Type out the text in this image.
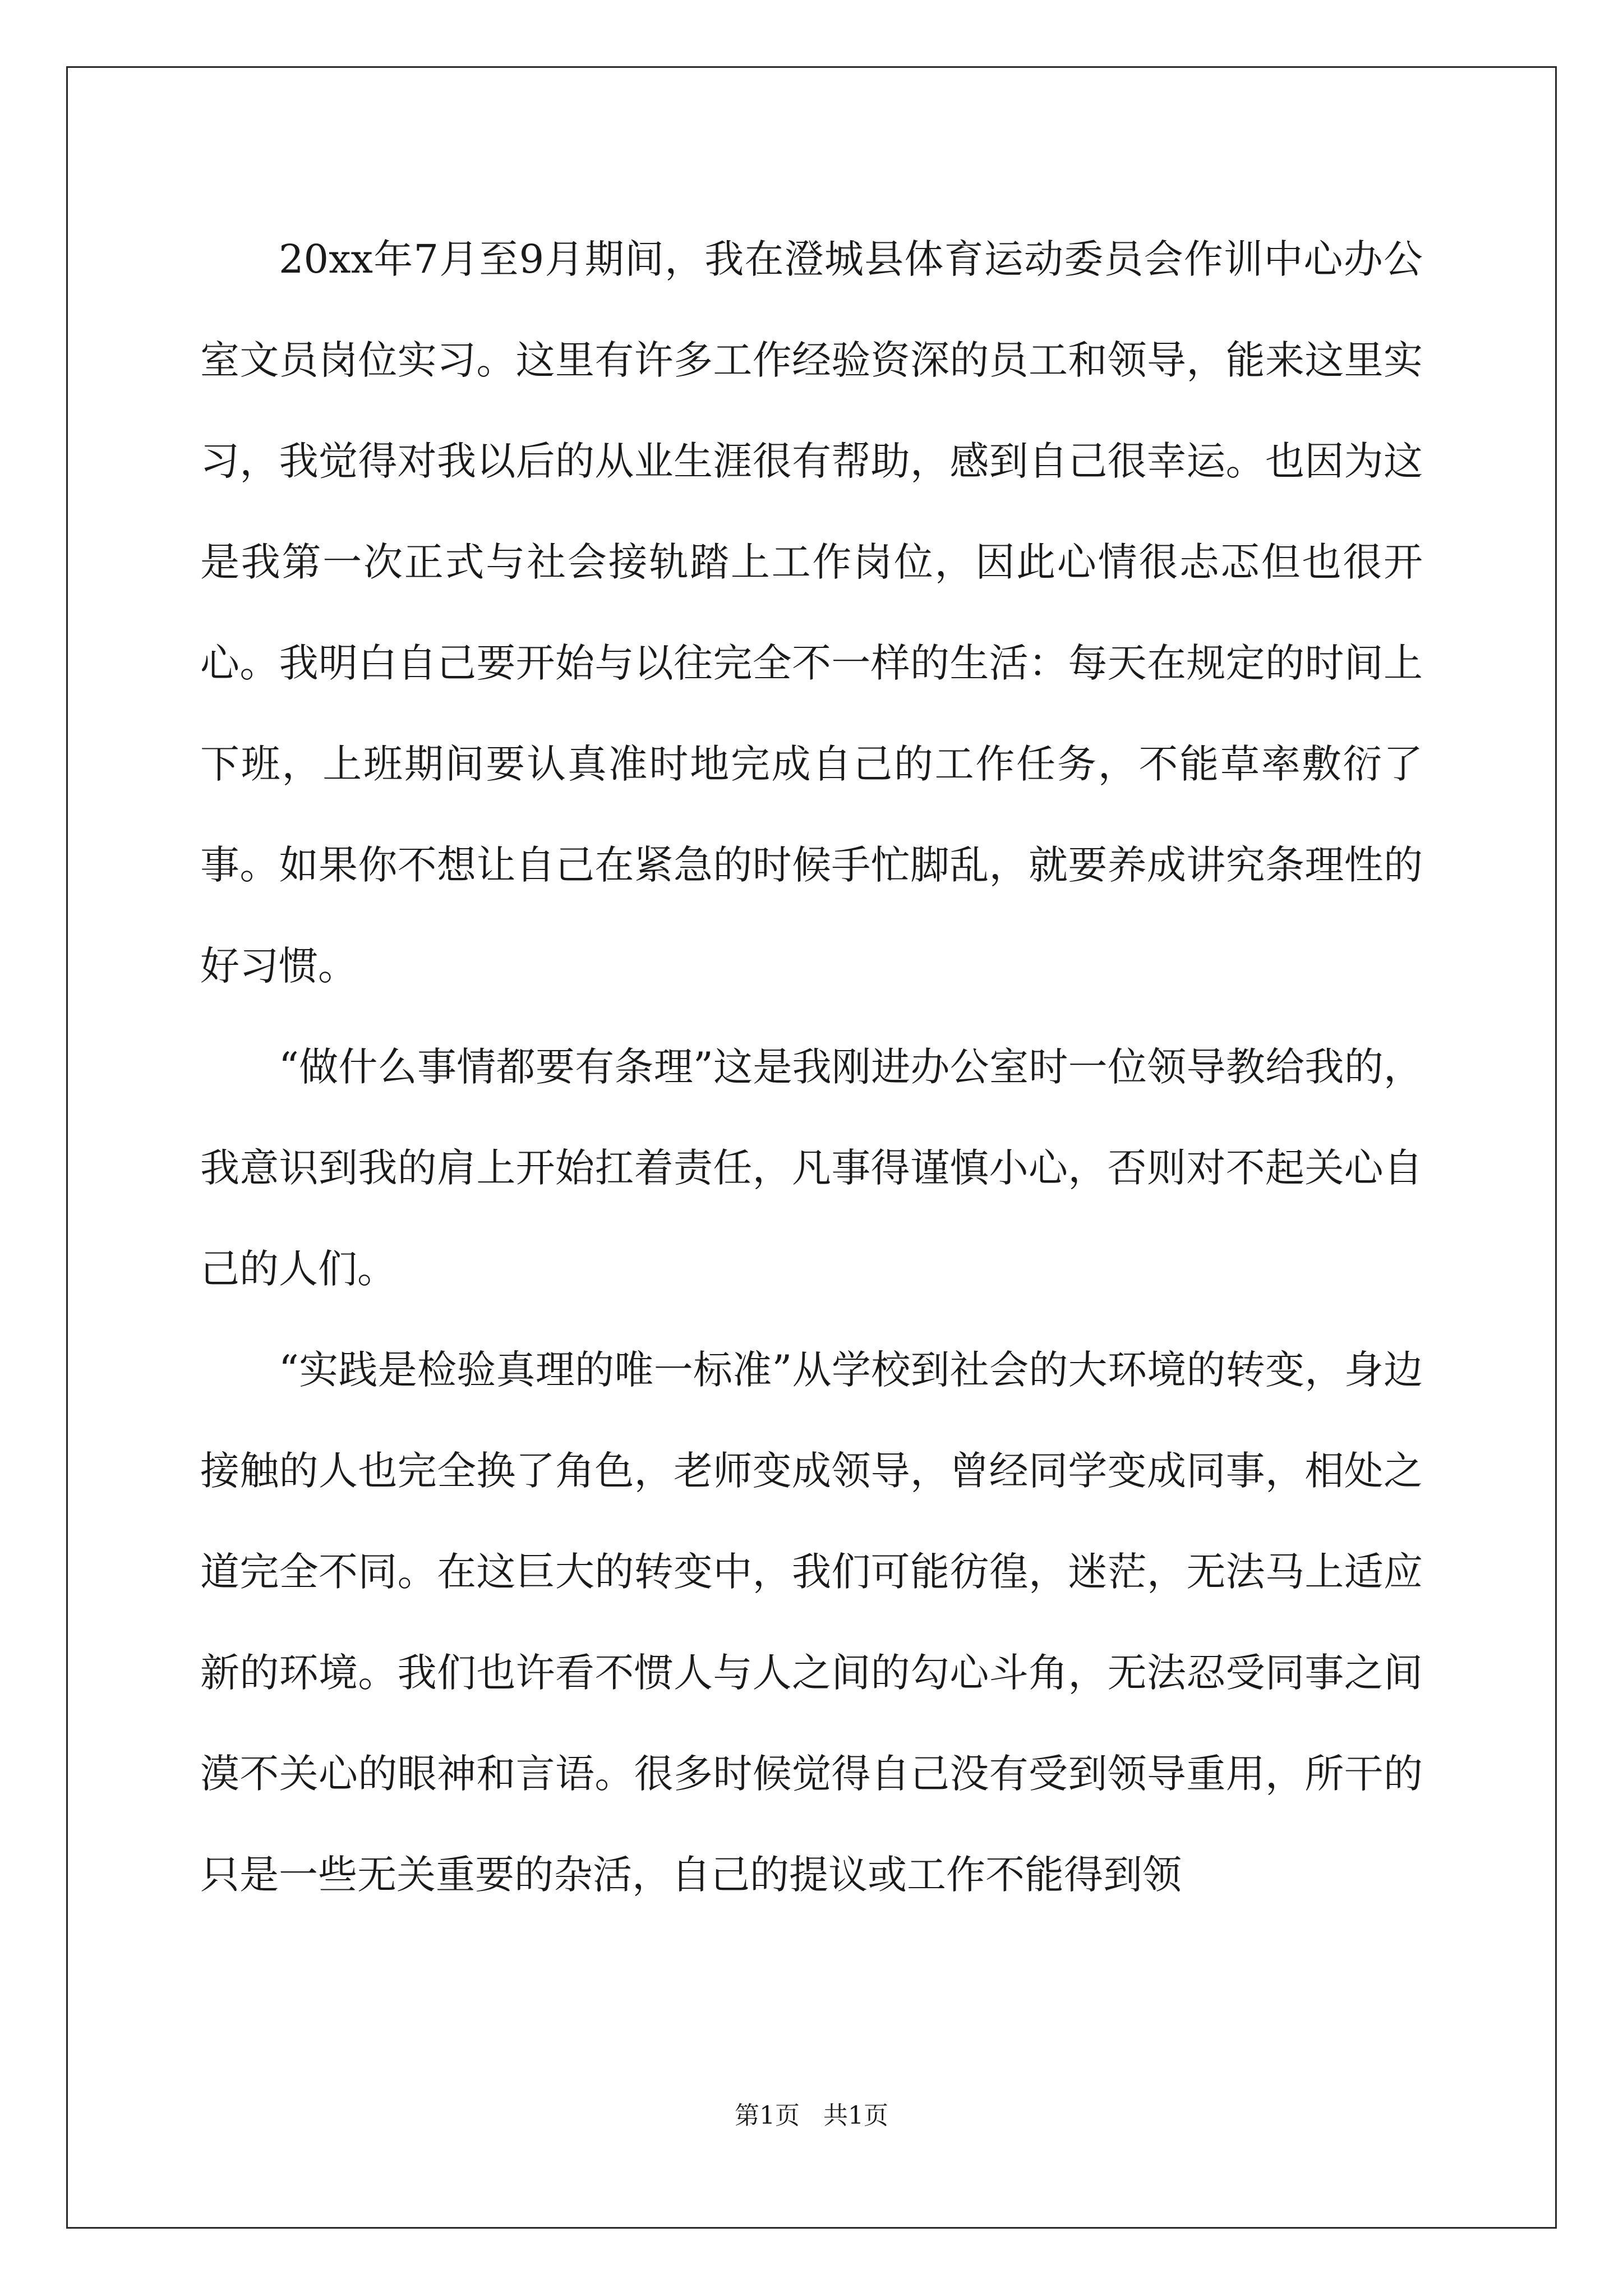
20xx年7月至9月期间，我在澄城县体育运动委员会作训中心办公室文员岗位实习。这里有许多工作经验资深的员工和领导，能来这里实习，我觉得对我以后的从业生涯很有帮助，感到自己很幸运。也因为这是我第一次正式与社会接轨踏上工作岗位，因此心情很忐忑但也很开心。我明白自己要开始与以往完全不一样的生活：每天在规定的时间上下班，上班期间要认真准时地完成自己的工作任务，不能草率敷衍了事。如果你不想让自己在紧急的时候手忙脚乱，就要养成讲究条理性的好习惯。

“做什么事情都要有条理”这是我刚进办公室时一位领导教给我的，我意识到我的肩上开始扛着责任，凡事得谨慎小心，否则对不起关心自己的人们。

“实践是检验真理的唯一标准”从学校到社会的大环境的转变，身边接触的人也完全换了角色，老师变成领导，曾经同学变成同事，相处之道完全不同。在这巨大的转变中，我们可能彷徨，迷茫，无法马上适应新的环境。我们也许看不惯人与人之间的勾心斗角，无法忍受同事之间漠不关心的眼神和言语。很多时候觉得自己没有受到领导重用，所干的只是一些无关重要的杂活，自己的提议或工作不能得到领

第1页   共1页
